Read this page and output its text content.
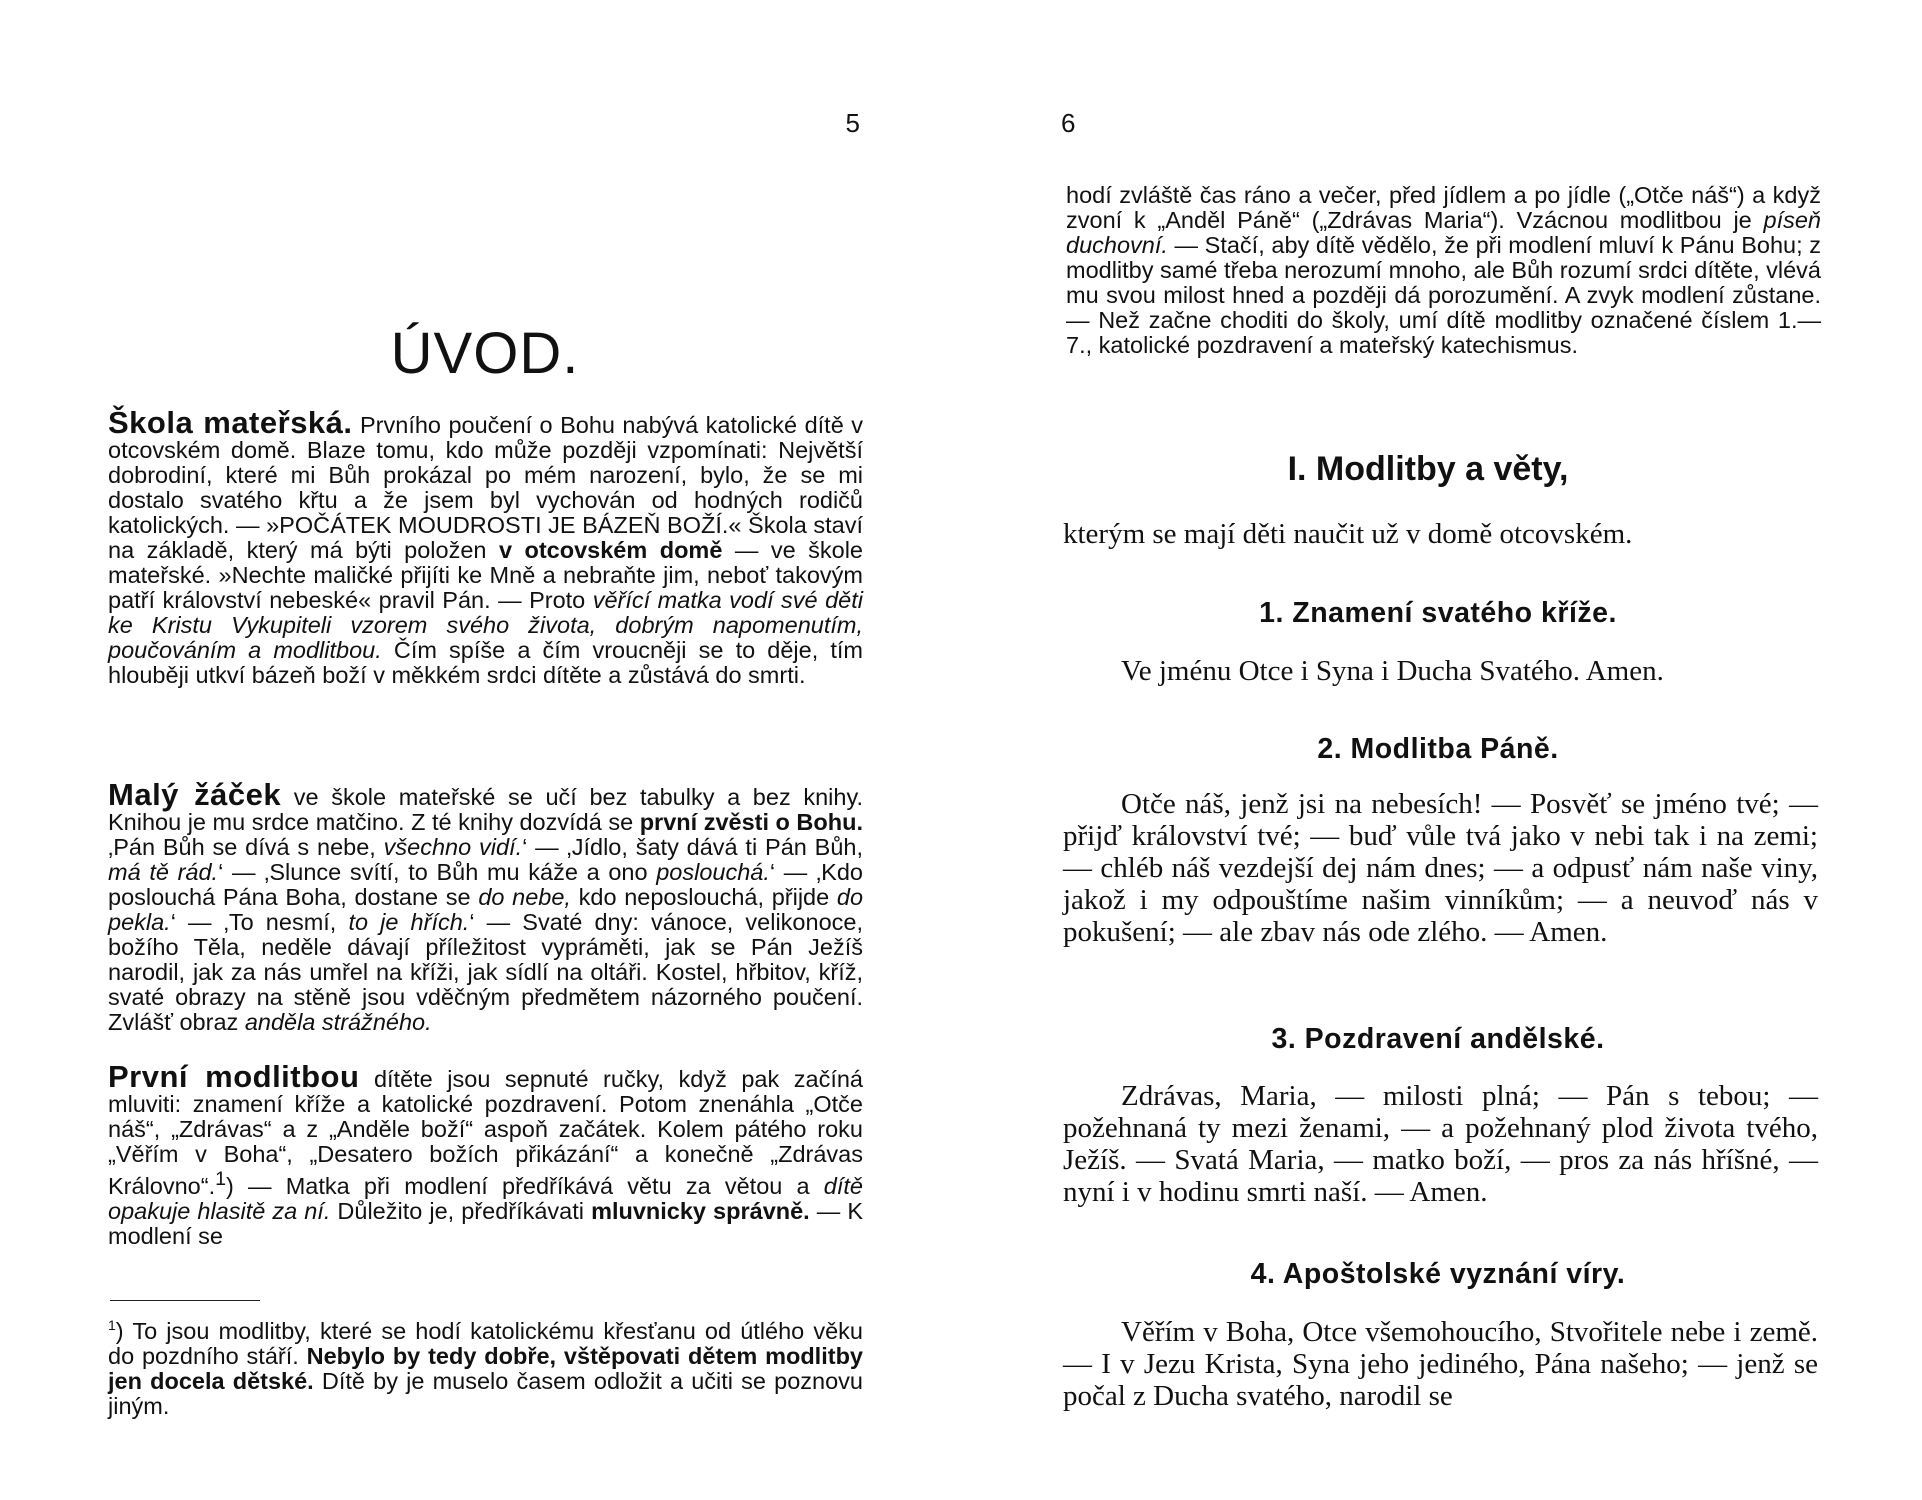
5
ÚVOD.
Škola mateřská. Prvního poučení o Bohu nabývá katolické dítě v otcovském domě. Blaze tomu, kdo může později vzpomínati: Největší dobrodiní, které mi Bůh prokázal po mém narození, bylo, že se mi dostalo svatého křtu a že jsem byl vychován od hodných rodičů katolických. — »POČÁTEK MOUDROSTI JE BÁZEŇ BOŽÍ.« Škola staví na základě, který má býti položen v otcovském domě — ve škole mateřské. »Nechte maličké přijíti ke Mně a nebraňte jim, neboť takovým patří království nebeské« pravil Pán. — Proto věřící matka vodí své děti ke Kristu Vykupiteli vzorem svého života, dobrým napomenutím, poučováním a modlitbou. Čím spíše a čím vroucněji se to děje, tím hlouběji utkví bázeň boží v měkkém srdci dítěte a zůstává do smrti.
Malý žáček ve škole mateřské se učí bez tabulky a bez knihy. Knihou je mu srdce matčino. Z té knihy dozvídá se první zvěsti o Bohu. ‚Pán Bůh se dívá s nebe, všechno vidí.‘ — ‚Jídlo, šaty dává ti Pán Bůh, má tě rád.‘ — ‚Slunce svítí, to Bůh mu káže a ono poslouchá.‘ — ‚Kdo poslouchá Pána Boha, dostane se do nebe, kdo neposlouchá, přijde do pekla.‘ — ‚To nesmí, to je hřích.‘ — Svaté dny: vánoce, velikonoce, božího Těla, neděle dávají příležitost vypráměti, jak se Pán Ježíš narodil, jak za nás umřel na kříži, jak sídlí na oltáři. Kostel, hřbitov, kříž, svaté obrazy na stěně jsou vděčným předmětem názorného poučení. Zvlášť obraz anděla strážného.
První modlitbou dítěte jsou sepnuté ručky, když pak začíná mluviti: znamení kříže a katolické pozdravení. Potom znenáhla „Otče náš“, „Zdrávas“ a z „Anděle boží“ aspoň začátek. Kolem pátého roku „Věřím v Boha“, „Desatero božích přikázání“ a konečně „Zdrávas Královno“.$^1$) — Matka při modlení předříkává větu za větou a dítě opakuje hlasitě za ní. Důležito je, předříkávati mluvnicky správně. — K modlení se
$^1$) To jsou modlitby, které se hodí katolickému křesťanu od útlého věku do pozdního stáří. Nebylo by tedy dobře, vštěpovati dětem modlitby jen docela dětské. Dítě by je muselo časem odložit a učiti se poznovu jiným.
6
hodí zvláště čas ráno a večer, před jídlem a po jídle („Otče náš“) a když zvoní k „Anděl Páně“ („Zdrávas Maria“). Vzácnou modlitbou je píseň duchovní. — Stačí, aby dítě vědělo, že při modlení mluví k Pánu Bohu; z modlitby samé třeba nerozumí mnoho, ale Bůh rozumí srdci dítěte, vlévá mu svou milost hned a později dá porozumění. A zvyk modlení zůstane. — Než začne choditi do školy, umí dítě modlitby označené číslem 1.—7., katolické pozdravení a mateřský katechismus.
I. Modlitby a věty,
kterým se mají děti naučit už v domě otcovském.
1. Znamení svatého kříže.
Ve jménu Otce i Syna i Ducha Svatého. Amen.
2. Modlitba Páně.
Otče náš, jenž jsi na nebesích! — Posvěť se jméno tvé; — přijď království tvé; — buď vůle tvá jako v nebi tak i na zemi; — chléb náš vezdejší dej nám dnes; — a odpusť nám naše viny, jakož i my odpouštíme našim vinníkům; — a neuvoď nás v pokušení; — ale zbav nás ode zlého. — Amen.
3. Pozdravení andělské.
Zdrávas, Maria, — milosti plná; — Pán s tebou; — požehnaná ty mezi ženami, — a požehnaný plod života tvého, Ježíš. — Svatá Maria, — matko boží, — pros za nás hříšné, — nyní i v hodinu smrti naší. — Amen.
4. Apoštolské vyznání víry.
Věřím v Boha, Otce všemohoucího, Stvořitele nebe i země. — I v Jezu Krista, Syna jeho jediného, Pána našeho; — jenž se počal z Ducha svatého, narodil se
